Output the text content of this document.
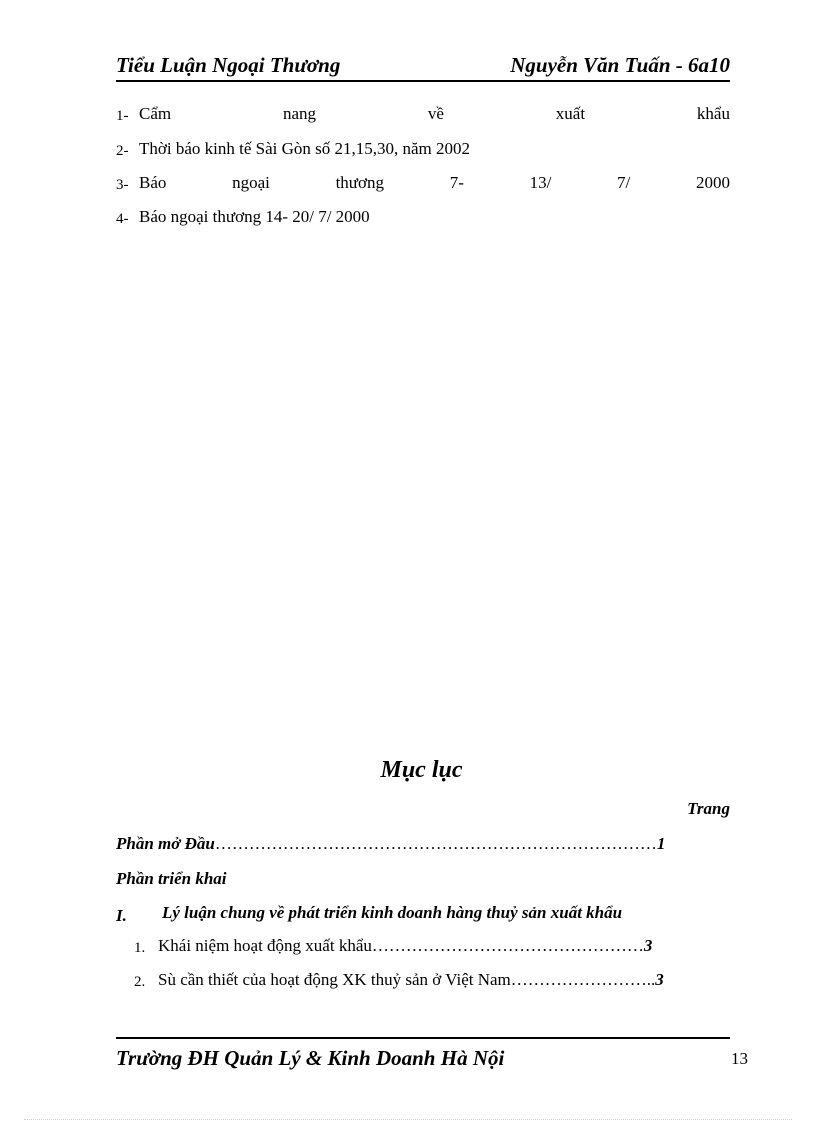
Tiểu Luận Ngoại Thương	Nguyễn Văn Tuấn - 6a10
1- Cẩm	nang	về	xuất	khẩu
2- Thời báo kinh tế Sài Gòn số 21,15,30, năm 2002
3- Báo	ngoại	thương	7-	13/	7/	2000
4- Báo ngoại thương 14- 20/ 7/ 2000
Mục lục
Trang
Phần mở Đầu……………………………………………………………………1
Phần triển khai
I. Lý luận chung về phát triển kinh doanh hàng thuỷ sản xuất khẩu
1. Khái niệm hoạt động xuất khẩu…………………………………………3
2. Sù cần thiết của hoạt động XK thuỷ sản ở Việt Nam……………………..3
Trường ĐH Quản Lý & Kinh Doanh Hà Nội	13
